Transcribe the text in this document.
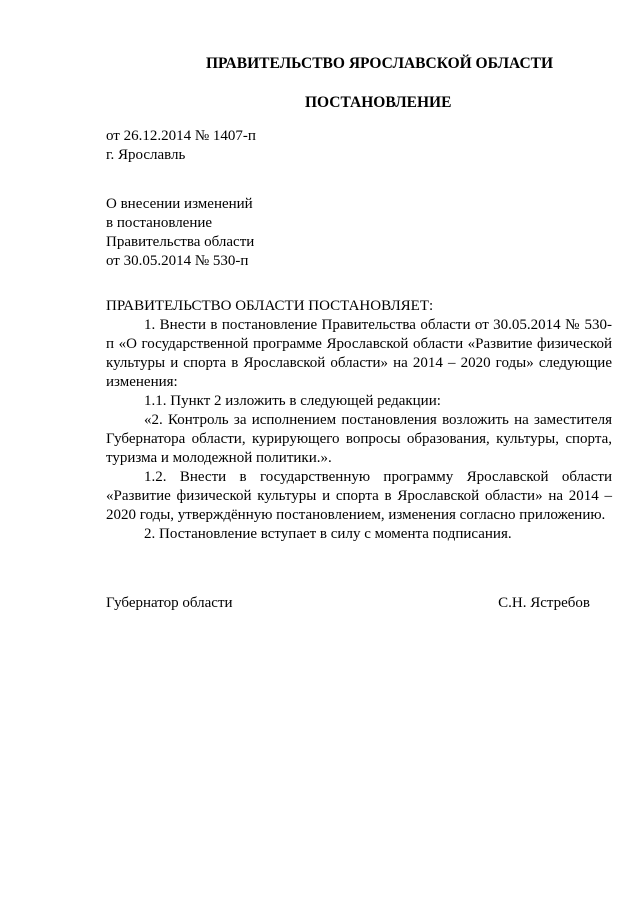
ПРАВИТЕЛЬСТВО ЯРОСЛАВСКОЙ ОБЛАСТИ
ПОСТАНОВЛЕНИЕ
от 26.12.2014 № 1407-п
г. Ярославль
О внесении изменений
в постановление
Правительства области
от 30.05.2014 № 530-п

ПРАВИТЕЛЬСТВО ОБЛАСТИ ПОСТАНОВЛЯЕТ:

1. Внести в постановление Правительства области от 30.05.2014 № 530-п «О государственной программе Ярославской области «Развитие физической культуры и спорта в Ярославской области» на 2014 – 2020 годы» следующие изменения:

1.1. Пункт 2 изложить в следующей редакции:

«2. Контроль за исполнением постановления возложить на заместителя Губернатора области, курирующего вопросы образования, культуры, спорта, туризма и молодежной политики.».

1.2. Внести в государственную программу Ярославской области «Развитие физической культуры и спорта в Ярославской области» на 2014 – 2020 годы, утверждённую постановлением, изменения согласно приложению.

2. Постановление вступает в силу с момента подписания.

Губернатор области	С.Н. Ястребов
